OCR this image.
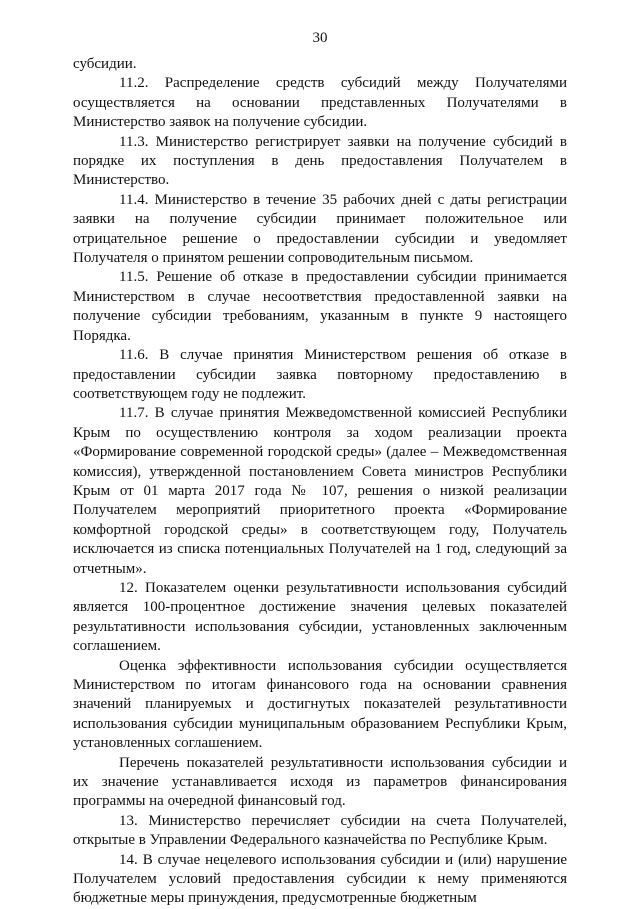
30

субсидии.

11.2. Распределение средств субсидий между Получателями осуществляется на основании представленных Получателями в Министерство заявок на получение субсидии.

11.3. Министерство регистрирует заявки на получение субсидий в порядке их поступления в день предоставления Получателем в Министерство.

11.4. Министерство в течение 35 рабочих дней с даты регистрации заявки на получение субсидии принимает положительное или отрицательное решение о предоставлении субсидии и уведомляет Получателя о принятом решении сопроводительным письмом.

11.5. Решение об отказе в предоставлении субсидии принимается Министерством в случае несоответствия предоставленной заявки на получение субсидии требованиям, указанным в пункте 9 настоящего Порядка.

11.6. В случае принятия Министерством решения об отказе в предоставлении субсидии заявка повторному предоставлению в соответствующем году не подлежит.

11.7. В случае принятия Межведомственной комиссией Республики Крым по осуществлению контроля за ходом реализации проекта «Формирование современной городской среды» (далее – Межведомственная комиссия), утвержденной постановлением Совета министров Республики Крым от 01 марта 2017 года № 107, решения о низкой реализации Получателем мероприятий приоритетного проекта «Формирование комфортной городской среды» в соответствующем году, Получатель исключается из списка потенциальных Получателей на 1 год, следующий за отчетным».

12. Показателем оценки результативности использования субсидий является 100-процентное достижение значения целевых показателей результативности использования субсидии, установленных заключенным соглашением.

Оценка эффективности использования субсидии осуществляется Министерством по итогам финансового года на основании сравнения значений планируемых и достигнутых показателей результативности использования субсидии муниципальным образованием Республики Крым, установленных соглашением.

Перечень показателей результативности использования субсидии и их значение устанавливается исходя из параметров финансирования программы на очередной финансовый год.

13. Министерство перечисляет субсидии на счета Получателей, открытые в Управлении Федерального казначейства по Республике Крым.

14. В случае нецелевого использования субсидии и (или) нарушение Получателем условий предоставления субсидии к нему применяются бюджетные меры принуждения, предусмотренные бюджетным
